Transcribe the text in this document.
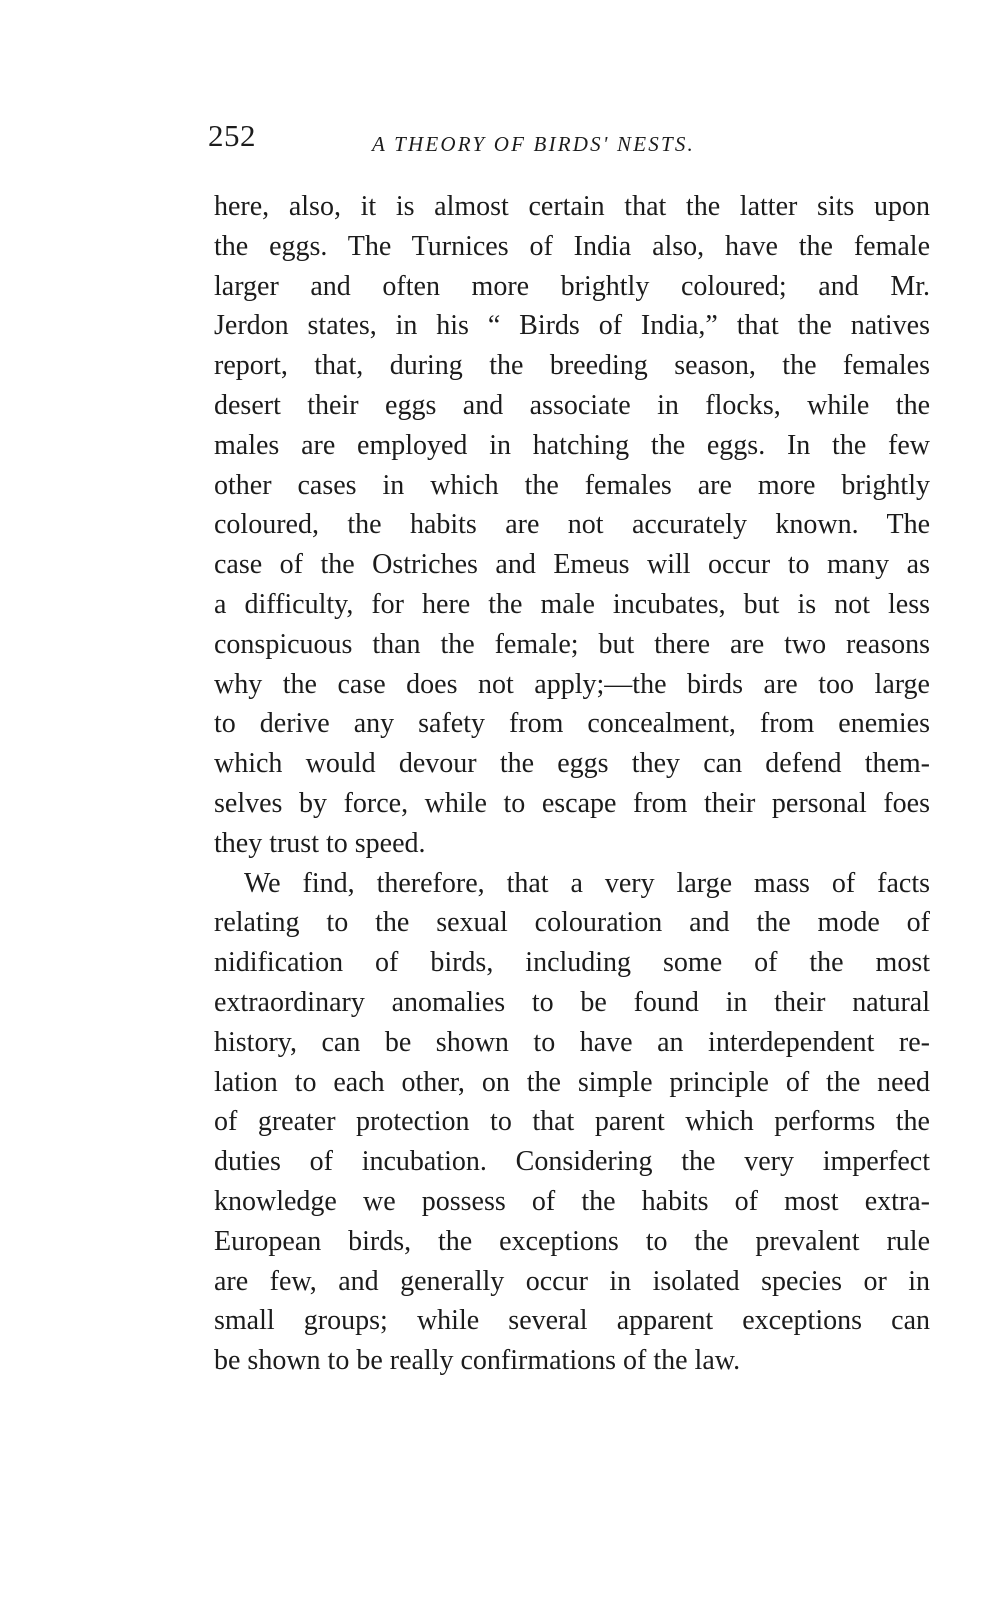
252	A THEORY OF BIRDS' NESTS.
here, also, it is almost certain that the latter sits upon
the eggs. The Turnices of India also, have the female
larger and often more brightly coloured; and Mr.
Jerdon states, in his “ Birds of India,” that the natives
report, that, during the breeding season, the females
desert their eggs and associate in flocks, while the
males are employed in hatching the eggs. In the few
other cases in which the females are more brightly
coloured, the habits are not accurately known. The
case of the Ostriches and Emeus will occur to many as
a difficulty, for here the male incubates, but is not less
conspicuous than the female; but there are two reasons
why the case does not apply;—the birds are too large
to derive any safety from concealment, from enemies
which would devour the eggs they can defend them-
selves by force, while to escape from their personal foes
they trust to speed.
We find, therefore, that a very large mass of facts
relating to the sexual colouration and the mode of
nidification of birds, including some of the most
extraordinary anomalies to be found in their natural
history, can be shown to have an interdependent re-
lation to each other, on the simple principle of the need
of greater protection to that parent which performs the
duties of incubation. Considering the very imperfect
knowledge we possess of the habits of most extra-
European birds, the exceptions to the prevalent rule
are few, and generally occur in isolated species or in
small groups; while several apparent exceptions can
be shown to be really confirmations of the law.
